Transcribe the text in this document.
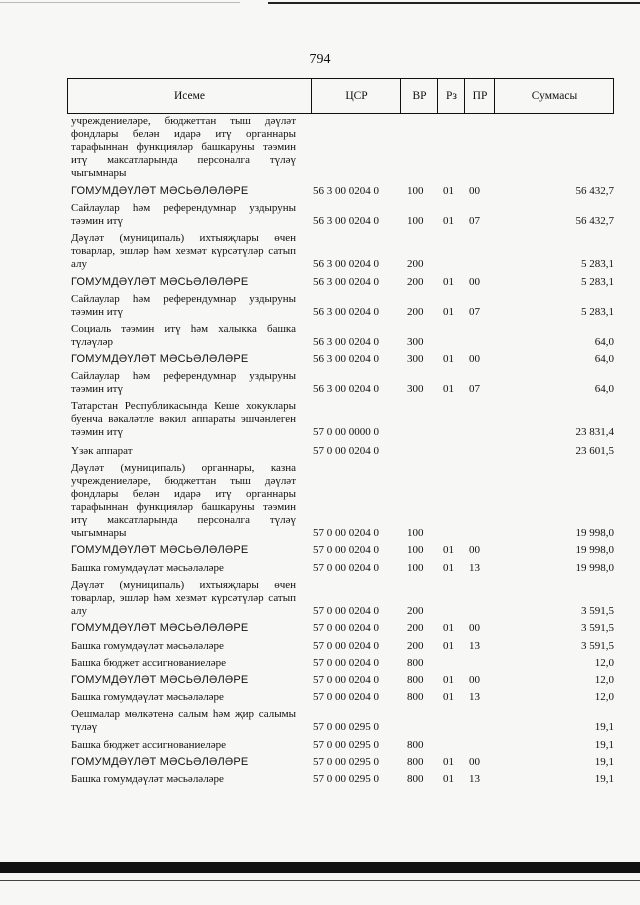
794
Исеме	ЦСР	ВР	Рз	ПР	Суммасы
учреждениеләре, бюджеттан тыш дәүләт фондлары белән идарә итү органнары тарафыннан функцияләр башкаруны тәэмин итү максатларында персоналга түләү чыгымнары
ГОМУМДӘҮЛӘТ МӘСЬӘЛӘЛӘРЕ	56 3 00 0204 0	100 01 00	56 432,7
Сайлаулар һәм референдумнар уздыруны тәэмин итү	56 3 00 0204 0	100 01 07	56 432,7
Дәүләт (муниципаль) ихтыяҗлары өчен товарлар, эшләр һәм хезмәт күрсәтүләр сатып алу	56 3 00 0204 0	200	5 283,1
ГОМУМДӘҮЛӘТ МӘСЬӘЛӘЛӘРЕ	56 3 00 0204 0	200 01 00	5 283,1
Сайлаулар һәм референдумнар уздыруны тәэмин итү	56 3 00 0204 0	200 01 07	5 283,1
Социаль тәэмин итү һәм халыкка башка түләүләр	56 3 00 0204 0	300	64,0
ГОМУМДӘҮЛӘТ МӘСЬӘЛӘЛӘРЕ	56 3 00 0204 0	300 01 00	64,0
Сайлаулар һәм референдумнар уздыруны тәэмин итү	56 3 00 0204 0	300 01 07	64,0
Татарстан Республикасында Кеше хокуклары буенча вәкаләтле вәкил аппараты эшчәнлеген тәэмин итү	57 0 00 0000 0	23 831,4
Үзәк аппарат	57 0 00 0204 0	23 601,5
Дәүләт (муниципаль) органнары, казна учреждениеләре, бюджеттан тыш дәүләт фондлары белән идарә итү органнары тарафыннан функцияләр башкаруны тәэмин итү максатларында персоналга түләү чыгымнары	57 0 00 0204 0	100	19 998,0
ГОМУМДӘҮЛӘТ МӘСЬӘЛӘЛӘРЕ	57 0 00 0204 0	100 01 00	19 998,0
Башка гомумдәүләт мәсьәләләре	57 0 00 0204 0	100 01 13	19 998,0
Дәүләт (муниципаль) ихтыяҗлары өчен товарлар, эшләр һәм хезмәт күрсәтүләр сатып алу	57 0 00 0204 0	200	3 591,5
ГОМУМДӘҮЛӘТ МӘСЬӘЛӘЛӘРЕ	57 0 00 0204 0	200 01 00	3 591,5
Башка гомумдәүләт мәсьәләләре	57 0 00 0204 0	200 01 13	3 591,5
Башка бюджет ассигнованиеләре	57 0 00 0204 0	800	12,0
ГОМУМДӘҮЛӘТ МӘСЬӘЛӘЛӘРЕ	57 0 00 0204 0	800 01 00	12,0
Башка гомумдәүләт мәсьәләләре	57 0 00 0204 0	800 01 13	12,0
Оешмалар мөлкәтенә салым һәм җир салымы түләү	57 0 00 0295 0	19,1
Башка бюджет ассигнованиеләре	57 0 00 0295 0	800	19,1
ГОМУМДӘҮЛӘТ МӘСЬӘЛӘЛӘРЕ	57 0 00 0295 0	800 01 00	19,1
Башка гомумдәүләт мәсьәләләре	57 0 00 0295 0	800 01 13	19,1
